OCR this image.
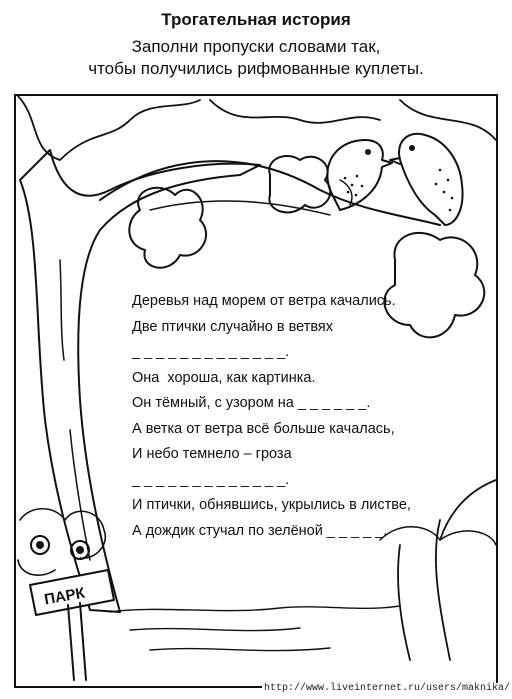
Трогательная история
Заполни пропуски словами так,
чтобы получились рифмованные куплеты.
ПАРК
Деревья над морем от ветра качались.
Две птички случайно в ветвях
_ _ _ _ _ _ _ _ _ _ _ _ _.
Она  хороша, как картинка.
Он тёмный, с узором на _ _ _ _ _ _.
А ветка от ветра всё больше качалась,
И небо темнело – гроза
_ _ _ _ _ _ _ _ _ _ _ _ _.
И птички, обнявшись, укрылись в листве,
А дождик стучал по зелёной _ _ _ _ _.
http://www.liveinternet.ru/users/maknika/
